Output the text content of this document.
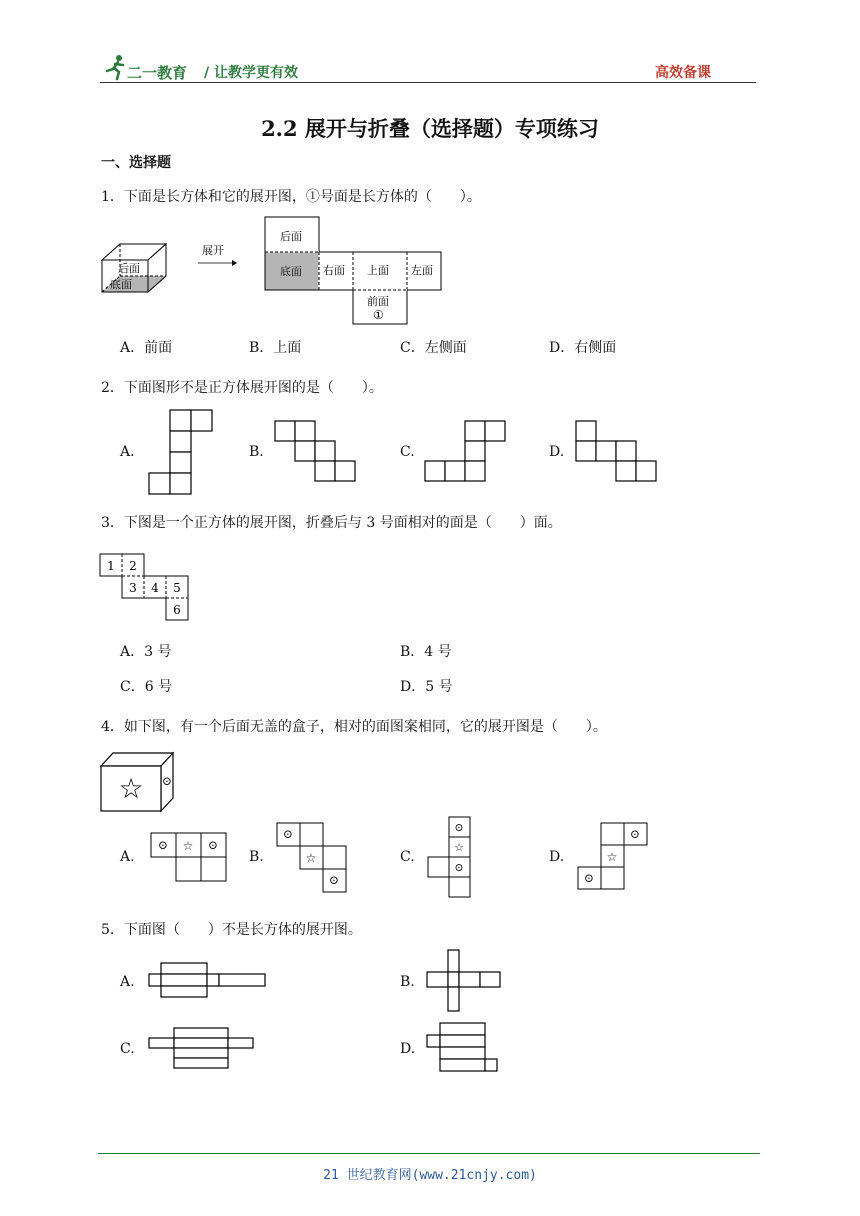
二一教育 / 让教学更有效	高效备课
2.2 展开与折叠（选择题）专项练习
一、选择题
1．下面是长方体和它的展开图，①号面是长方体的（　　）。
后面
底面
展开
后面
底面 右面 上面 左面
前面
①
A．前面	B．上面	C．左侧面	D．右侧面
2．下面图形不是正方体展开图的是（　　）。
A.	B.	C.	D.
3．下图是一个正方体的展开图，折叠后与 3 号面相对的面是（　　）面。
1 2
3 4 5
6
A．3 号	B．4 号
C．6 号	D．5 号
4．如下图，有一个后面无盖的盒子，相对的面图案相同，它的展开图是（　　）。
☆ ⊙
A.
⊙ ☆ ⊙
B.
⊙
☆
⊙
C.
⊙
☆
⊙
D.
⊙
☆
⊙
5．下面图（　　）不是长方体的展开图。
A.	B.
C.	D.
21 世纪教育网(www.21cnjy.com)
